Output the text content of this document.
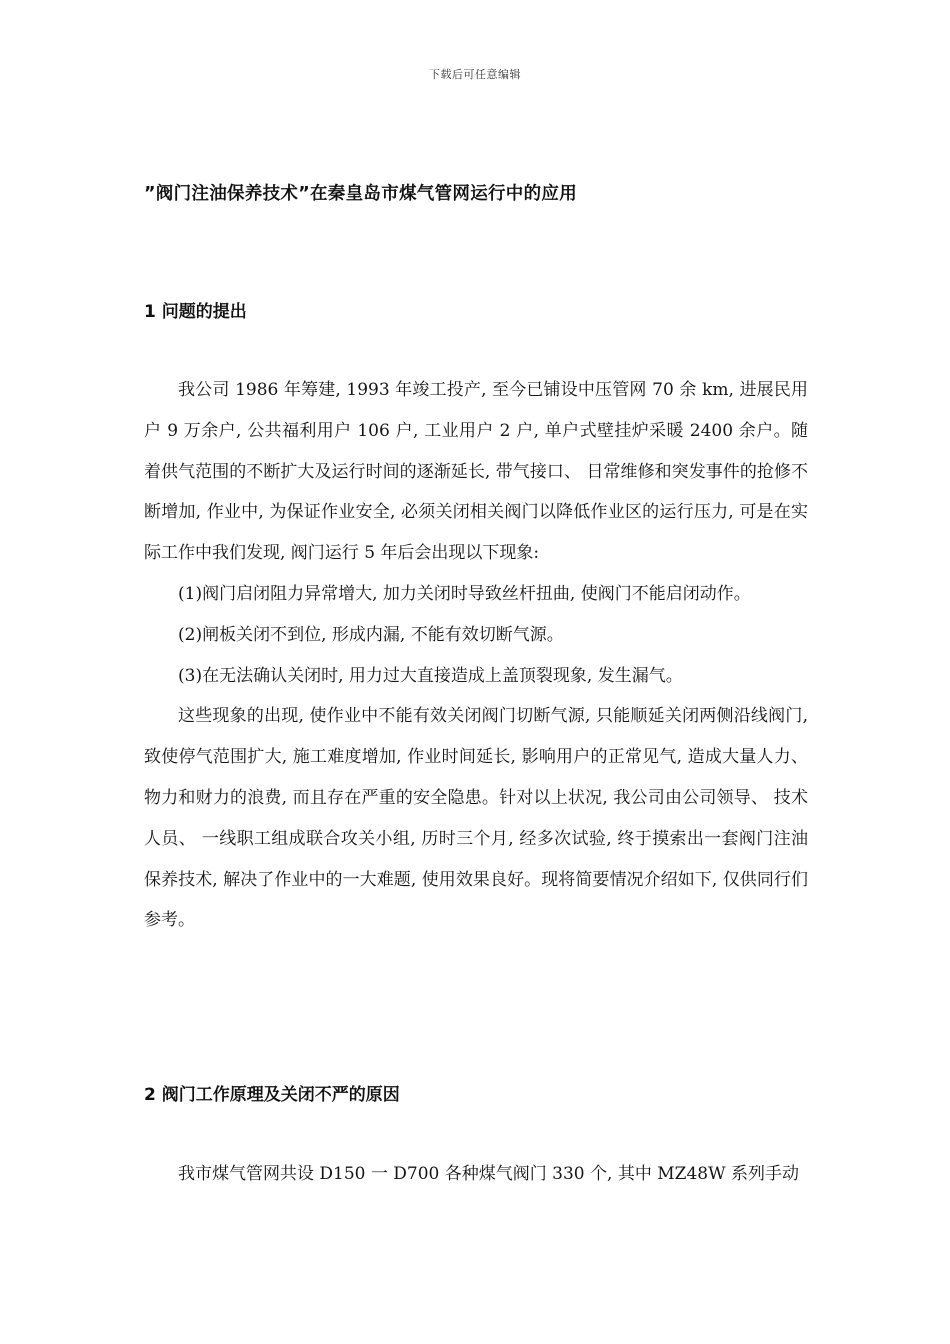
下载后可任意编辑
”阀门注油保养技术”在秦皇岛市煤气管网运行中的应用
1 问题的提出

我公司 1986 年筹建, 1993 年竣工投产, 至今已铺设中压管网 70 余 km, 进展民用户 9 万余户, 公共福利用户 106 户, 工业用户 2 户, 单户式壁挂炉采暖 2400 余户。随着供气范围的不断扩大及运行时间的逐渐延长, 带气接口、 日常维修和突发事件的抢修不断增加, 作业中, 为保证作业安全, 必须关闭相关阀门以降低作业区的运行压力, 可是在实际工作中我们发现, 阀门运行 5 年后会出现以下现象:

(1)阀门启闭阻力异常增大, 加力关闭时导致丝杆扭曲, 使阀门不能启闭动作。

(2)闸板关闭不到位, 形成内漏, 不能有效切断气源。

(3)在无法确认关闭时, 用力过大直接造成上盖顶裂现象, 发生漏气。

这些现象的出现, 使作业中不能有效关闭阀门切断气源, 只能顺延关闭两侧沿线阀门, 致使停气范围扩大, 施工难度增加, 作业时间延长, 影响用户的正常见气, 造成大量人力、 物力和财力的浪费, 而且存在严重的安全隐患。针对以上状况, 我公司由公司领导、 技术人员、 一线职工组成联合攻关小组, 历时三个月, 经多次试验, 终于摸索出一套阀门注油保养技术, 解决了作业中的一大难题, 使用效果良好。现将简要情况介绍如下, 仅供同行们参考。

2 阀门工作原理及关闭不严的原因

我市煤气管网共设 D150 一 D700 各种煤气阀门 330 个, 其中 MZ48W 系列手动
